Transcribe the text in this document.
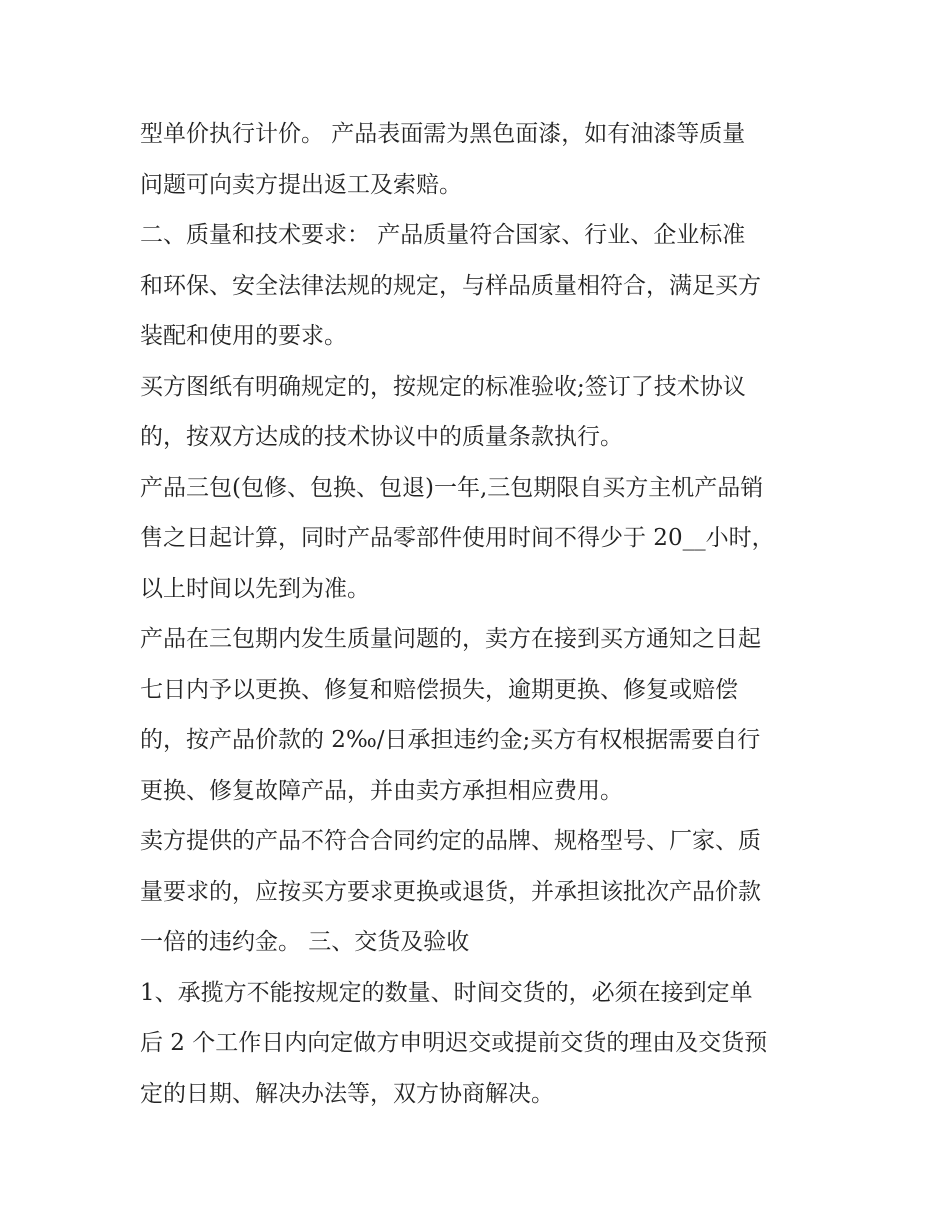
型单价执行计价。 产品表面需为黑色面漆，如有油漆等质量
问题可向卖方提出返工及索赔。

二、质量和技术要求： 产品质量符合国家、行业、企业标准
和环保、安全法律法规的规定，与样品质量相符合，满足买方
装配和使用的要求。

买方图纸有明确规定的，按规定的标准验收;签订了技术协议
的，按双方达成的技术协议中的质量条款执行。

产品三包(包修、包换、包退)一年,三包期限自买方主机产品销
售之日起计算，同时产品零部件使用时间不得少于 20__小时，
以上时间以先到为准。

产品在三包期内发生质量问题的，卖方在接到买方通知之日起
七日内予以更换、修复和赔偿损失，逾期更换、修复或赔偿
的，按产品价款的 2‰/日承担违约金;买方有权根据需要自行
更换、修复故障产品，并由卖方承担相应费用。

卖方提供的产品不符合合同约定的品牌、规格型号、厂家、质
量要求的，应按买方要求更换或退货，并承担该批次产品价款
一倍的违约金。 三、交货及验收

1、承揽方不能按规定的数量、时间交货的，必须在接到定单
后 2 个工作日内向定做方申明迟交或提前交货的理由及交货预
定的日期、解决办法等，双方协商解决。
